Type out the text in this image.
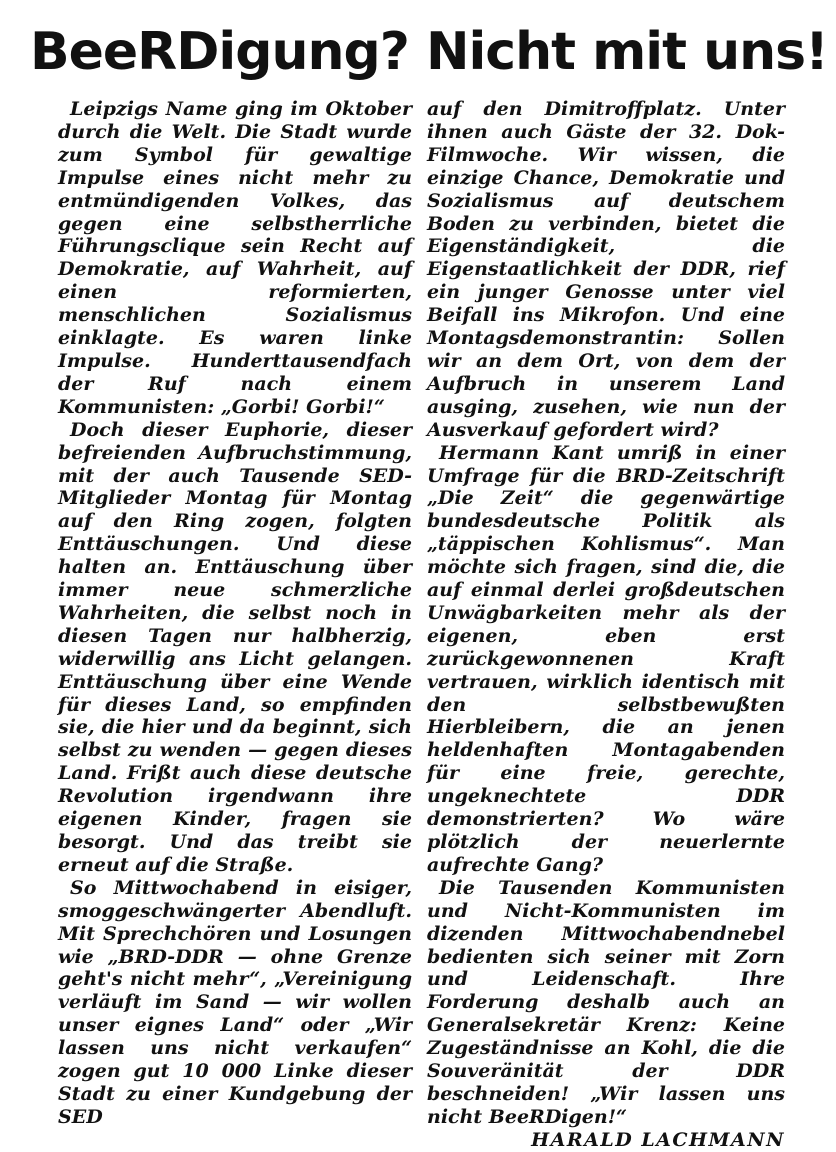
BeeRDigung? Nicht mit uns!

Leipzigs Name ging im Oktober durch die Welt. Die Stadt wurde zum Symbol für gewaltige Impulse eines nicht mehr zu entmündigenden Volkes, das gegen eine selbstherrliche Führungsclique sein Recht auf Demokratie, auf Wahrheit, auf einen reformierten, menschlichen Sozialismus einklagte. Es waren linke Impulse. Hunderttausendfach der Ruf nach einem Kommunisten: „Gorbi! Gorbi!“

Doch dieser Euphorie, dieser befreienden Aufbruchstimmung, mit der auch Tausende SED-Mitglieder Montag für Montag auf den Ring zogen, folgten Enttäuschungen. Und diese halten an. Enttäuschung über immer neue schmerzliche Wahrheiten, die selbst noch in diesen Tagen nur halbherzig, widerwillig ans Licht gelangen. Enttäuschung über eine Wende für dieses Land, so empfinden sie, die hier und da beginnt, sich selbst zu wenden — gegen dieses Land. Frißt auch diese deutsche Revolution irgendwann ihre eigenen Kinder, fragen sie besorgt. Und das treibt sie erneut auf die Straße.

So Mittwochabend in eisiger, smoggeschwängerter Abendluft. Mit Sprechchören und Losungen wie „BRD-DDR — ohne Grenze geht's nicht mehr“, „Vereinigung verläuft im Sand — wir wollen unser eignes Land“ oder „Wir lassen uns nicht verkaufen“ zogen gut 10 000 Linke dieser Stadt zu einer Kundgebung der SED

auf den Dimitroffplatz. Unter ihnen auch Gäste der 32. Dok-Filmwoche. Wir wissen, die einzige Chance, Demokratie und Sozialismus auf deutschem Boden zu verbinden, bietet die Eigenständigkeit, die Eigenstaatlichkeit der DDR, rief ein junger Genosse unter viel Beifall ins Mikrofon. Und eine Montagsdemonstrantin: Sollen wir an dem Ort, von dem der Aufbruch in unserem Land ausging, zusehen, wie nun der Ausverkauf gefordert wird?

Hermann Kant umriß in einer Umfrage für die BRD-Zeitschrift „Die Zeit“ die gegenwärtige bundesdeutsche Politik als „täppischen Kohlismus“. Man möchte sich fragen, sind die, die auf einmal derlei großdeutschen Unwägbarkeiten mehr als der eigenen, eben erst zurückgewonnenen Kraft vertrauen, wirklich identisch mit den selbstbewußten Hierbleibern, die an jenen heldenhaften Montagabenden für eine freie, gerechte, ungeknechtete DDR demonstrierten? Wo wäre plötzlich der neuerlernte aufrechte Gang?

Die Tausenden Kommunisten und Nicht-Kommunisten im dizenden Mittwochabendnebel bedienten sich seiner mit Zorn und Leidenschaft. Ihre Forderung deshalb auch an Generalsekretär Krenz: Keine Zugeständnisse an Kohl, die die Souveränität der DDR beschneiden! „Wir lassen uns nicht BeeRDigen!“

HARALD LACHMANN
